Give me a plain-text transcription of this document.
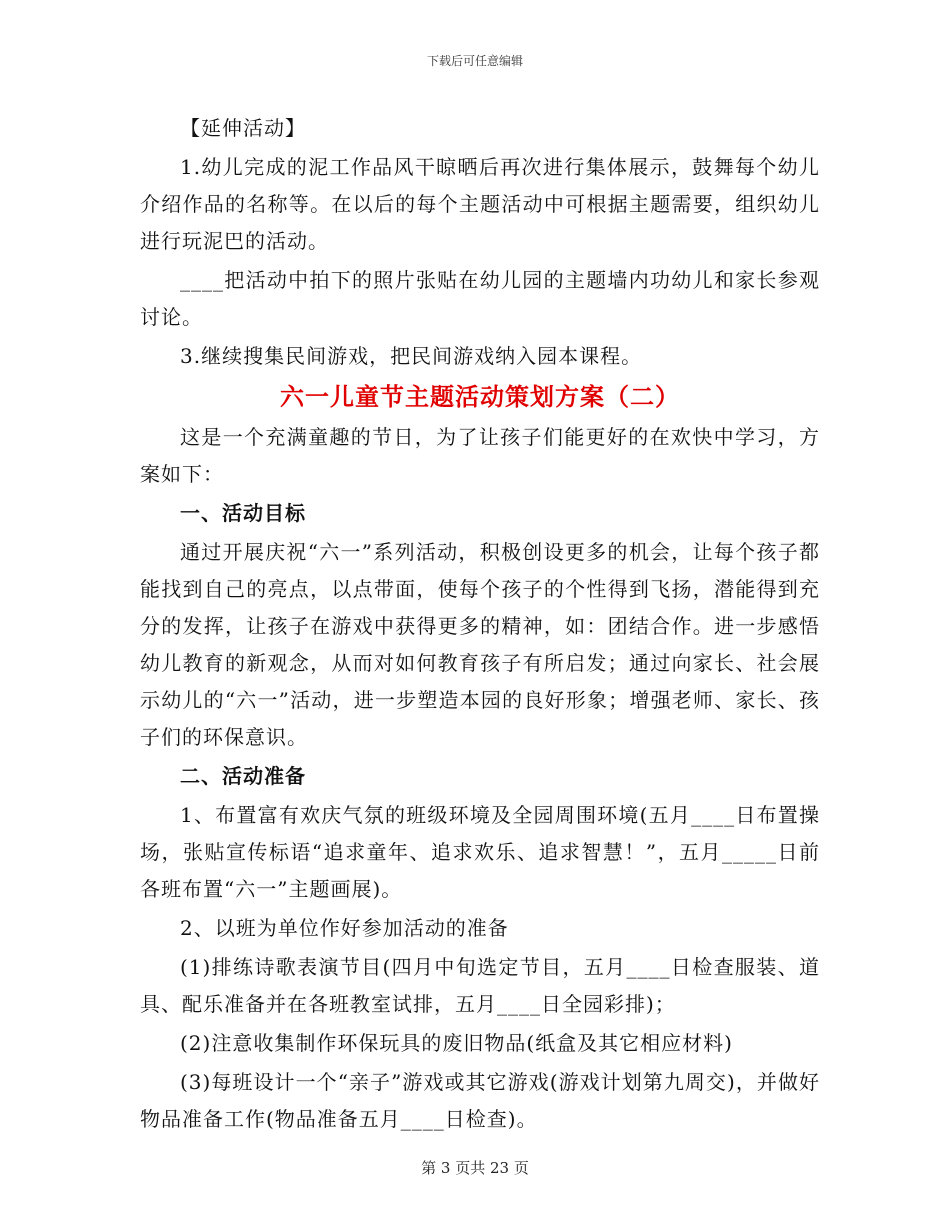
下载后可任意编辑

【延伸活动】

1.幼儿完成的泥工作品风干晾晒后再次进行集体展示，鼓舞每个幼儿介绍作品的名称等。在以后的每个主题活动中可根据主题需要，组织幼儿进行玩泥巴的活动。

____把活动中拍下的照片张贴在幼儿园的主题墙内功幼儿和家长参观讨论。

3.继续搜集民间游戏，把民间游戏纳入园本课程。

六一儿童节主题活动策划方案（二）

这是一个充满童趣的节日，为了让孩子们能更好的在欢快中学习，方案如下：

一、活动目标

通过开展庆祝“六一”系列活动，积极创设更多的机会，让每个孩子都能找到自己的亮点，以点带面，使每个孩子的个性得到飞扬，潜能得到充分的发挥，让孩子在游戏中获得更多的精神，如：团结合作。进一步感悟幼儿教育的新观念，从而对如何教育孩子有所启发；通过向家长、社会展示幼儿的“六一”活动，进一步塑造本园的良好形象；增强老师、家长、孩子们的环保意识。

二、活动准备

1、布置富有欢庆气氛的班级环境及全园周围环境(五月____日布置操场，张贴宣传标语“追求童年、追求欢乐、追求智慧！”，五月_____日前各班布置“六一”主题画展)。

2、以班为单位作好参加活动的准备

(1)排练诗歌表演节目(四月中旬选定节目，五月____日检查服装、道具、配乐准备并在各班教室试排，五月____日全园彩排)；

(2)注意收集制作环保玩具的废旧物品(纸盒及其它相应材料)

(3)每班设计一个“亲子”游戏或其它游戏(游戏计划第九周交)，并做好物品准备工作(物品准备五月____日检查)。

第 3 页共 23 页
